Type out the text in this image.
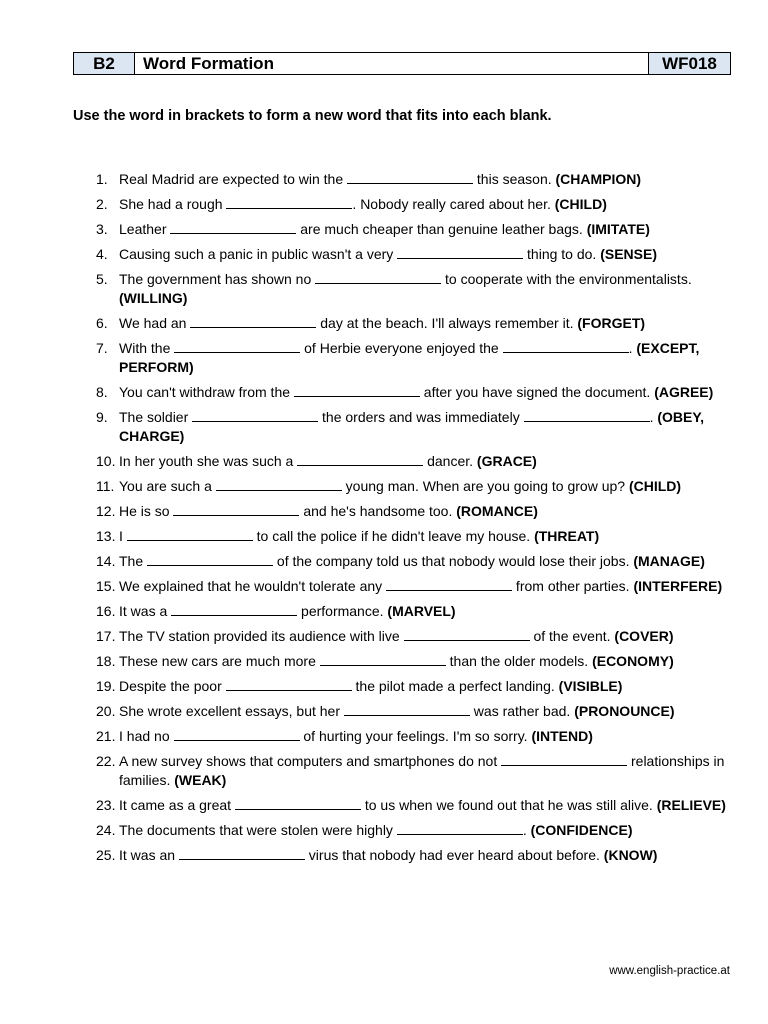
B2	Word Formation	WF018
Use the word in brackets to form a new word that fits into each blank.
1. Real Madrid are expected to win the	this season. (CHAMPION)
2. She had a rough	. Nobody really cared about her. (CHILD)
3. Leather	are much cheaper than genuine leather bags. (IMITATE)
4. Causing such a panic in public wasn't a very	thing to do. (SENSE)
5. The government has shown no	to cooperate with the environmentalists. (WILLING)
6. We had an	day at the beach. I'll always remember it. (FORGET)
7. With the	of Herbie everyone enjoyed the	. (EXCEPT, PERFORM)
8. You can't withdraw from the	after you have signed the document. (AGREE)
9. The soldier	the orders and was immediately	. (OBEY, CHARGE)
10. In her youth she was such a	dancer. (GRACE)
11. You are such a	young man. When are you going to grow up? (CHILD)
12. He is so	and he's handsome too. (ROMANCE)
13. I	to call the police if he didn't leave my house. (THREAT)
14. The	of the company told us that nobody would lose their jobs. (MANAGE)
15. We explained that he wouldn't tolerate any	from other parties. (INTERFERE)
16. It was a	performance. (MARVEL)
17. The TV station provided its audience with live	of the event. (COVER)
18. These new cars are much more	than the older models. (ECONOMY)
19. Despite the poor	the pilot made a perfect landing. (VISIBLE)
20. She wrote excellent essays, but her	was rather bad. (PRONOUNCE)
21. I had no	of hurting your feelings. I'm so sorry. (INTEND)
22. A new survey shows that computers and smartphones do not	relationships in families. (WEAK)
23. It came as a great	to us when we found out that he was still alive. (RELIEVE)
24. The documents that were stolen were highly	. (CONFIDENCE)
25. It was an	virus that nobody had ever heard about before. (KNOW)
www.english-practice.at
